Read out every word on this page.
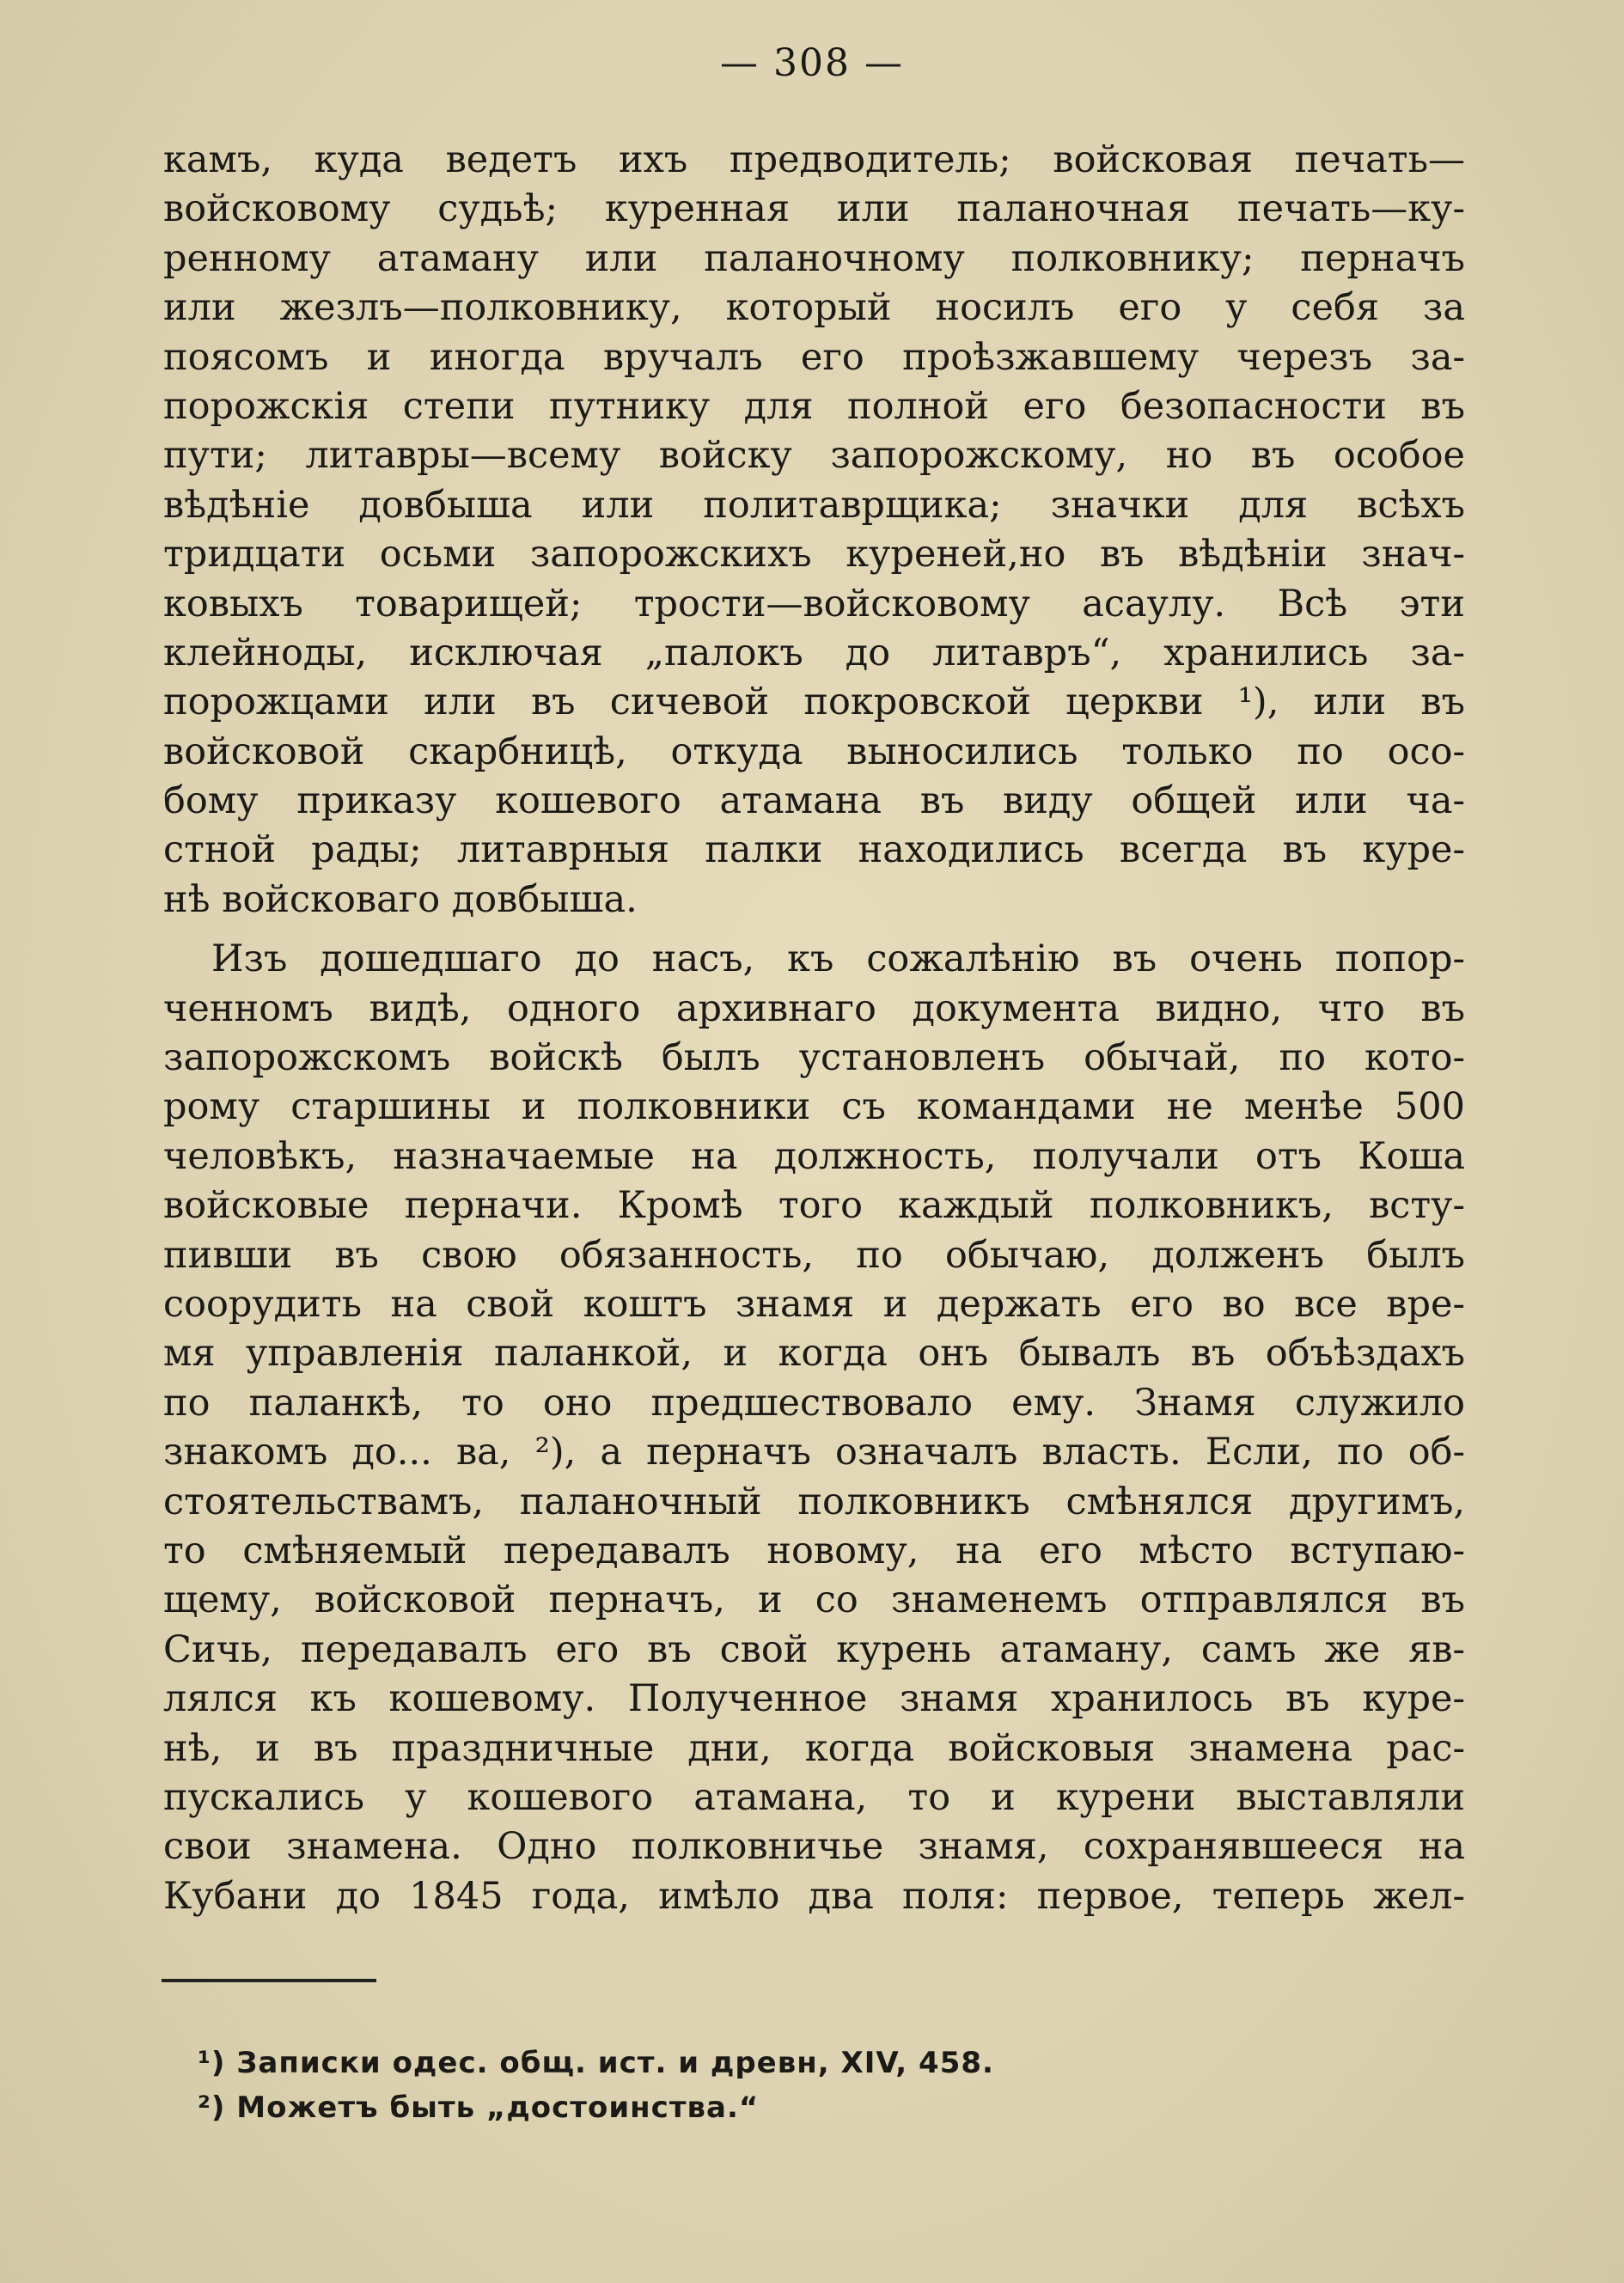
— 308 —
камъ, куда ведетъ ихъ предводитель; войсковая печать—
войсковому судьѣ; куренная или паланочная печать—ку-
ренному атаману или паланочному полковнику; перначъ
или жезлъ—полковнику, который носилъ его у себя за
поясомъ и иногда вручалъ его проѣзжавшему черезъ за-
порожскія степи путнику для полной его безопасности въ
пути; литавры—всему войску запорожскому, но въ особое
вѣдѣніе довбыша или политаврщика; значки для всѣхъ
тридцати осьми запорожскихъ куреней,но въ вѣдѣніи знач-
ковыхъ товарищей; трости—войсковому асаулу. Всѣ эти
клейноды, исключая „палокъ до литавръ“, хранились за-
порожцами или въ сичевой покровской церкви ¹), или въ
войсковой скарбницѣ, откуда выносились только по осо-
бому приказу кошевого атамана въ виду общей или ча-
стной рады; литаврныя палки находились всегда въ куре-
нѣ войсковаго довбыша.
Изъ дошедшаго до насъ, къ сожалѣнію въ очень попор-
ченномъ видѣ, одного архивнаго документа видно, что въ
запорожскомъ войскѣ былъ установленъ обычай, по кото-
рому старшины и полковники съ командами не менѣе 500
человѣкъ, назначаемые на должность, получали отъ Коша
войсковые перначи. Кромѣ того каждый полковникъ, всту-
пивши въ свою обязанность, по обычаю, долженъ былъ
соорудить на свой коштъ знамя и держать его во все вре-
мя управленія паланкой, и когда онъ бывалъ въ объѣздахъ
по паланкѣ, то оно предшествовало ему. Знамя служило
знакомъ до... ва, ²), а перначъ означалъ власть. Если, по об-
стоятельствамъ, паланочный полковникъ смѣнялся другимъ,
то смѣняемый передавалъ новому, на его мѣсто вступаю-
щему, войсковой перначъ, и со знаменемъ отправлялся въ
Сичь, передавалъ его въ свой курень атаману, самъ же яв-
лялся къ кошевому. Полученное знамя хранилось въ куре-
нѣ, и въ праздничные дни, когда войсковыя знамена рас-
пускались у кошевого атамана, то и курени выставляли
свои знамена. Одно полковничье знамя, сохранявшееся на
Кубани до 1845 года, имѣло два поля: первое, теперь жел-
¹) Записки одес. общ. ист. и древн, XIV, 458.
²) Можетъ быть „достоинства.“
